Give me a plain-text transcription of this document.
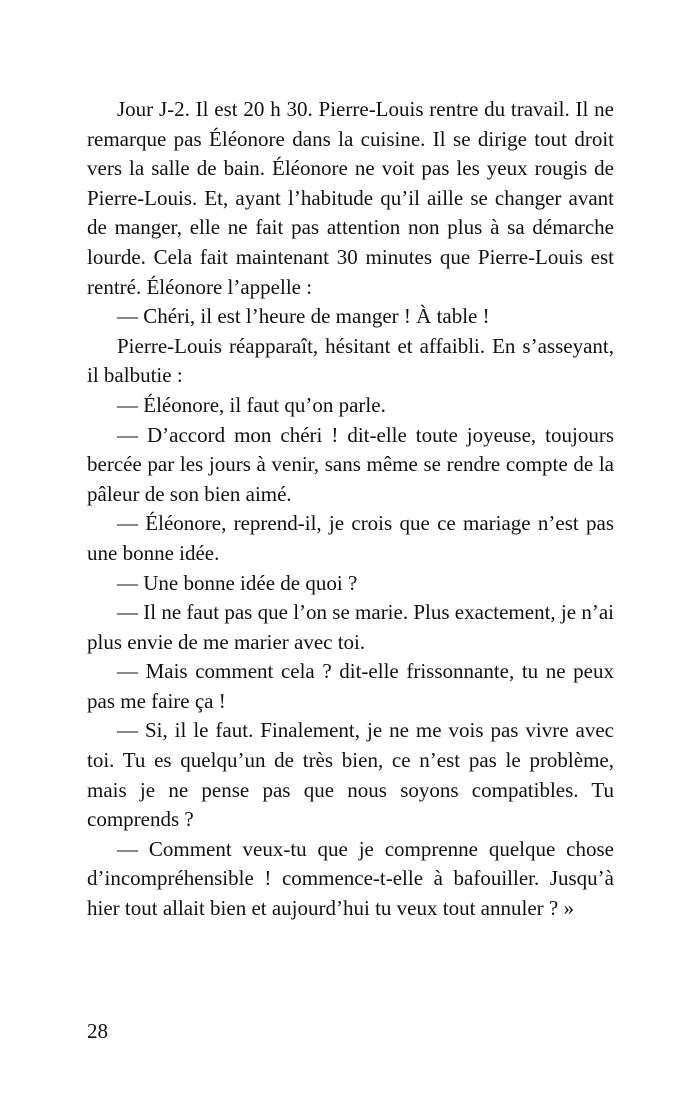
Jour J-2. Il est 20 h 30. Pierre-Louis rentre du travail. Il ne remarque pas Éléonore dans la cuisine. Il se dirige tout droit vers la salle de bain. Éléonore ne voit pas les yeux rougis de Pierre-Louis. Et, ayant l’habitude qu’il aille se changer avant de manger, elle ne fait pas attention non plus à sa démarche lourde. Cela fait maintenant 30 minutes que Pierre-Louis est rentré. Éléonore l’appelle :

— Chéri, il est l’heure de manger ! À table !

Pierre-Louis réapparaît, hésitant et affaibli. En s’asseyant, il balbutie :

— Éléonore, il faut qu’on parle.

— D’accord mon chéri ! dit-elle toute joyeuse, toujours bercée par les jours à venir, sans même se rendre compte de la pâleur de son bien aimé.

— Éléonore, reprend-il, je crois que ce mariage n’est pas une bonne idée.

— Une bonne idée de quoi ?

— Il ne faut pas que l’on se marie. Plus exactement, je n’ai plus envie de me marier avec toi.

— Mais comment cela ? dit-elle frissonnante, tu ne peux pas me faire ça !

— Si, il le faut. Finalement, je ne me vois pas vivre avec toi. Tu es quelqu’un de très bien, ce n’est pas le problème, mais je ne pense pas que nous soyons compatibles. Tu comprends ?

— Comment veux-tu que je comprenne quelque chose d’incompréhensible ! commence-t-elle à bafouiller. Jusqu’à hier tout allait bien et aujourd’hui tu veux tout annuler ? »

28
